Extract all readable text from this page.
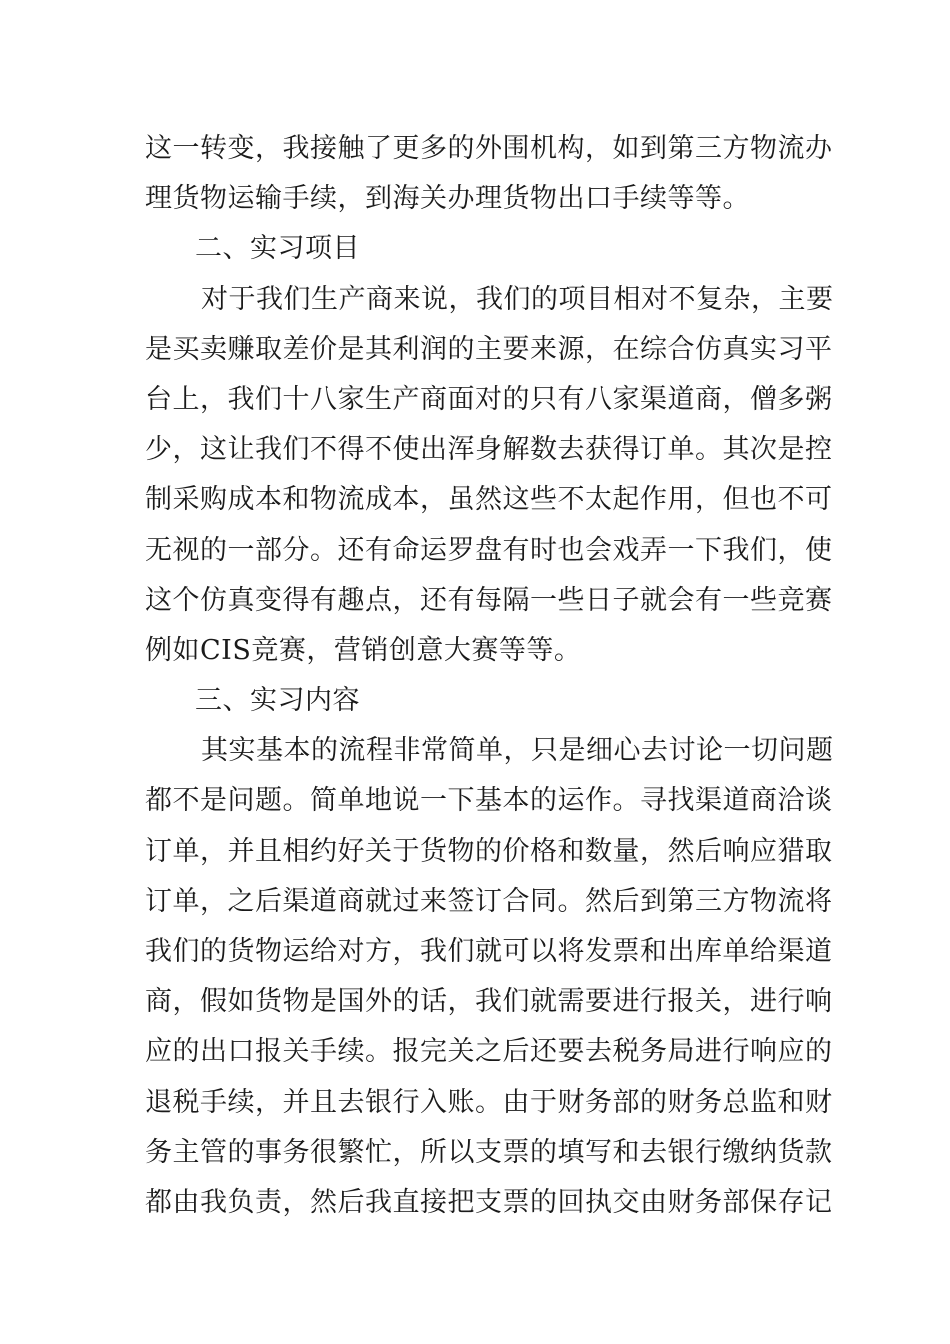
这一转变，我接触了更多的外围机构，如到第三方物流办
理货物运输手续，到海关办理货物出口手续等等。
二、实习项目
对于我们生产商来说，我们的项目相对不复杂，主要
是买卖赚取差价是其利润的主要来源，在综合仿真实习平
台上，我们十八家生产商面对的只有八家渠道商，僧多粥
少，这让我们不得不使出浑身解数去获得订单。其次是控
制采购成本和物流成本，虽然这些不太起作用，但也不可
无视的一部分。还有命运罗盘有时也会戏弄一下我们，使
这个仿真变得有趣点，还有每隔一些日子就会有一些竞赛
例如CIS竞赛，营销创意大赛等等。
三、实习内容
其实基本的流程非常简单，只是细心去讨论一切问题
都不是问题。简单地说一下基本的运作。寻找渠道商洽谈
订单，并且相约好关于货物的价格和数量，然后响应猎取
订单，之后渠道商就过来签订合同。然后到第三方物流将
我们的货物运给对方，我们就可以将发票和出库单给渠道
商，假如货物是国外的话，我们就需要进行报关，进行响
应的出口报关手续。报完关之后还要去税务局进行响应的
退税手续，并且去银行入账。由于财务部的财务总监和财
务主管的事务很繁忙，所以支票的填写和去银行缴纳货款
都由我负责，然后我直接把支票的回执交由财务部保存记
